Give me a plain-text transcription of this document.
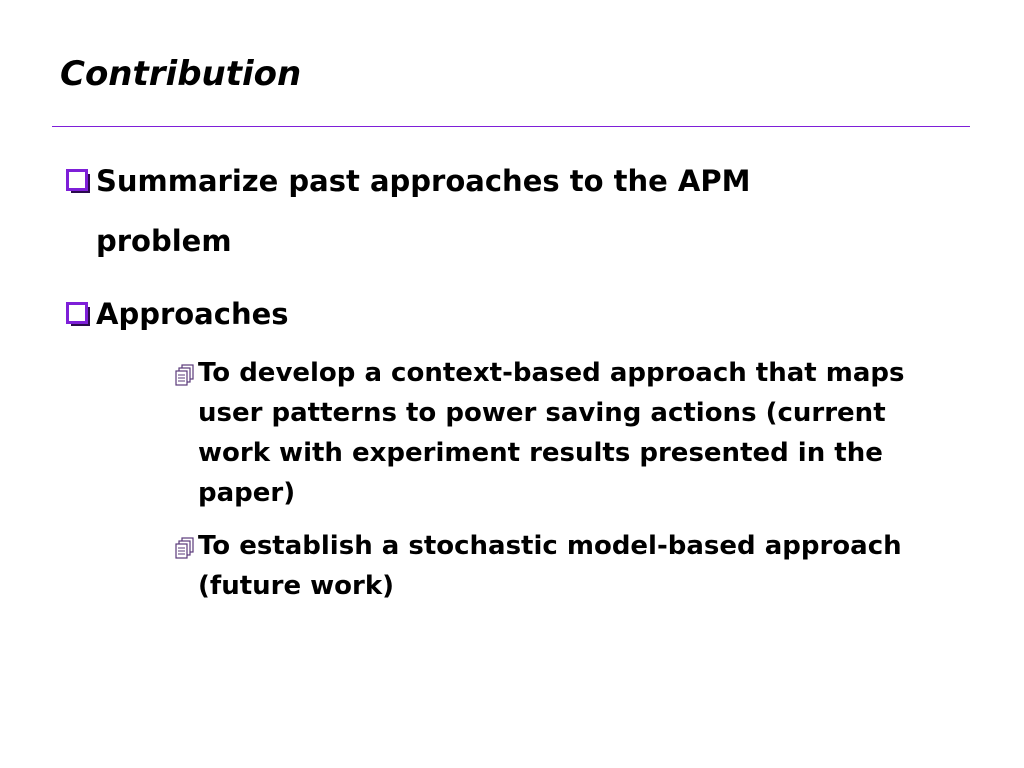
Contribution
Summarize past approaches to the APM problem
Approaches
To develop a context-based approach that maps user patterns to power saving actions (current work with experiment results presented in the paper)
To establish a stochastic model-based approach (future work)
